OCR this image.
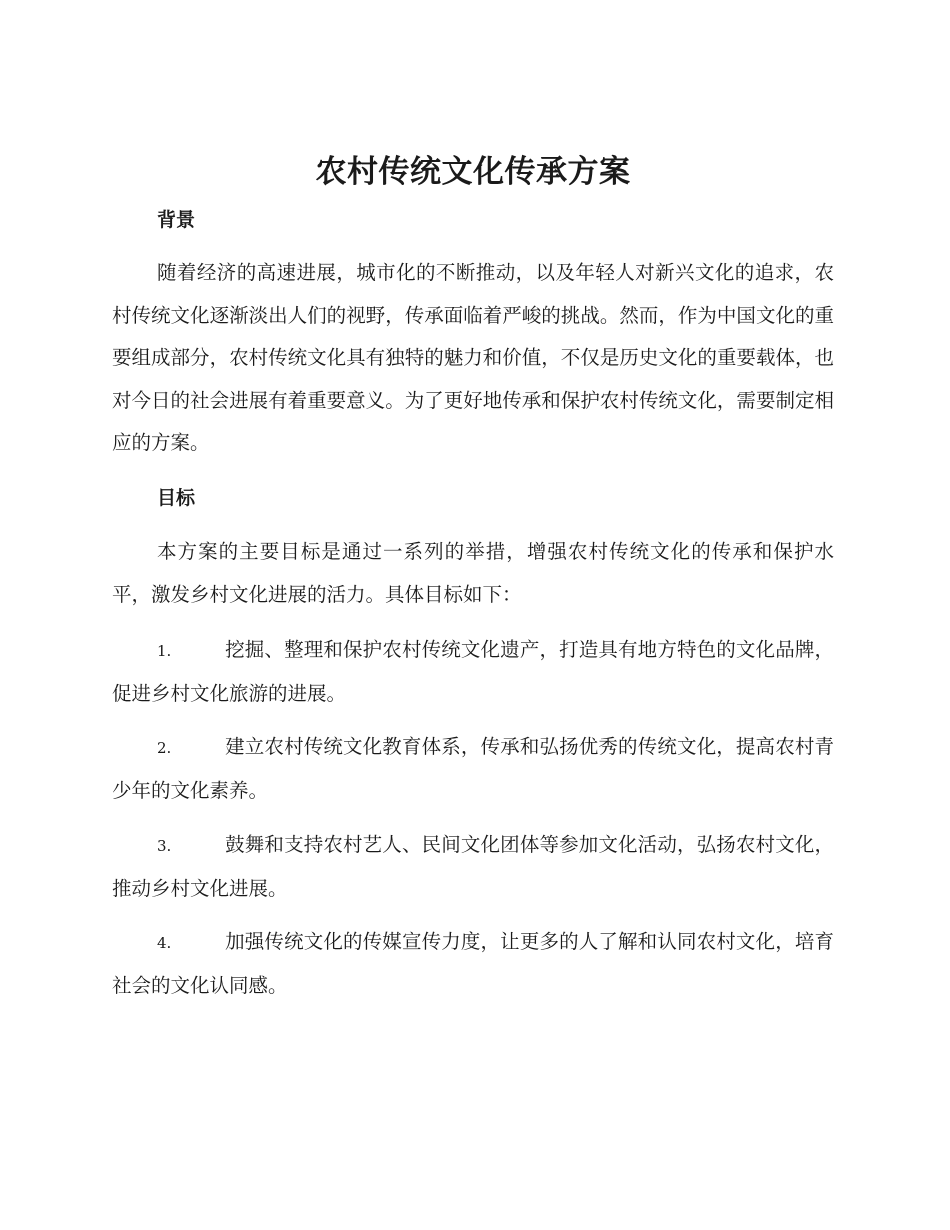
农村传统文化传承方案
背景

随着经济的高速进展，城市化的不断推动，以及年轻人对新兴文化的追求，农村传统文化逐渐淡出人们的视野，传承面临着严峻的挑战。然而，作为中国文化的重要组成部分，农村传统文化具有独特的魅力和价值，不仅是历史文化的重要载体，也对今日的社会进展有着重要意义。为了更好地传承和保护农村传统文化，需要制定相应的方案。

目标

本方案的主要目标是通过一系列的举措，增强农村传统文化的传承和保护水平，激发乡村文化进展的活力。具体目标如下：

1.	挖掘、整理和保护农村传统文化遗产，打造具有地方特色的文化品牌，促进乡村文化旅游的进展。

2.	建立农村传统文化教育体系，传承和弘扬优秀的传统文化，提高农村青少年的文化素养。

3.	鼓舞和支持农村艺人、民间文化团体等参加文化活动，弘扬农村文化，推动乡村文化进展。

4.	加强传统文化的传媒宣传力度，让更多的人了解和认同农村文化，培育社会的文化认同感。
